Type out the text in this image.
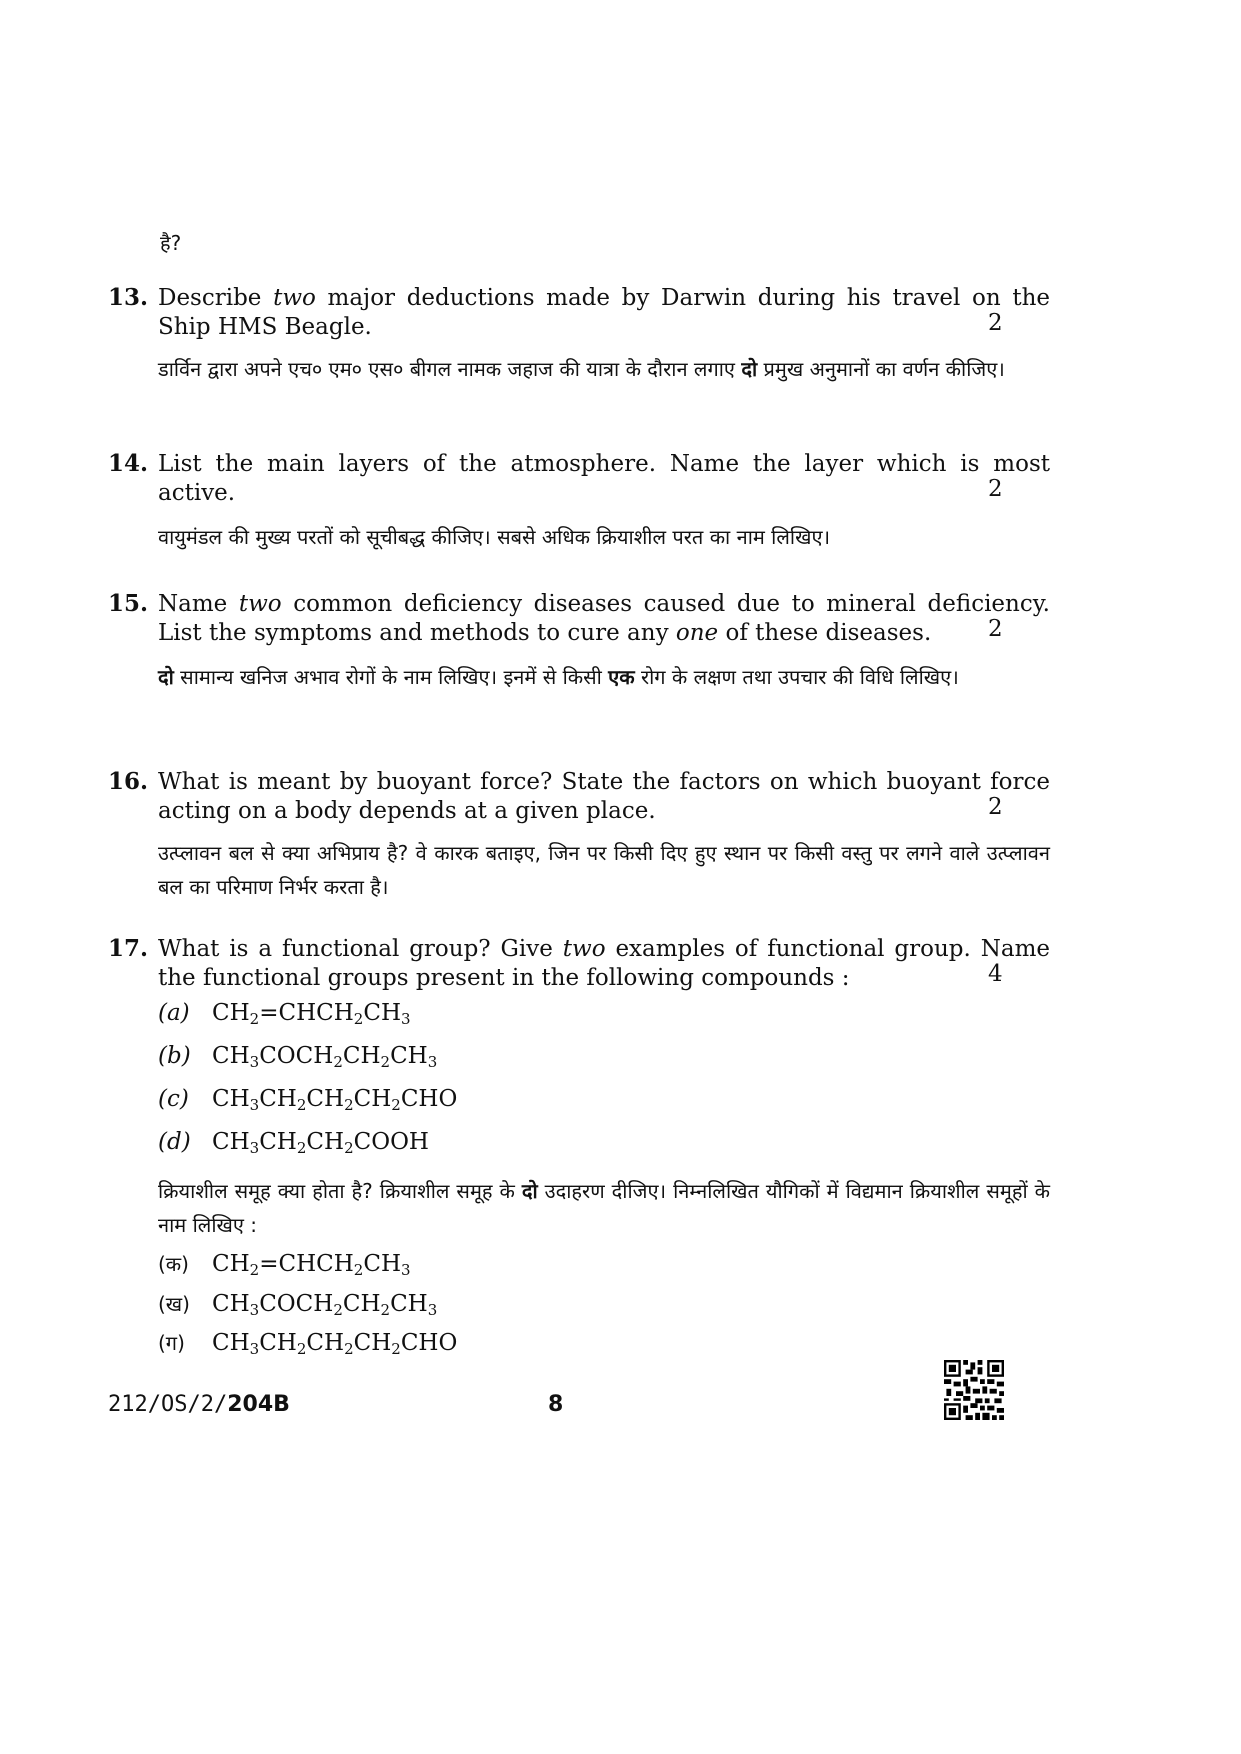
है?
13. Describe two major deductions made by Darwin during his travel on the Ship HMS Beagle.	2
डार्विन द्वारा अपने एच० एम० एस० बीगल नामक जहाज की यात्रा के दौरान लगाए दो प्रमुख अनुमानों का वर्णन कीजिए।
14. List the main layers of the atmosphere. Name the layer which is most active.	2
वायुमंडल की मुख्य परतों को सूचीबद्ध कीजिए। सबसे अधिक क्रियाशील परत का नाम लिखिए।
15. Name two common deficiency diseases caused due to mineral deficiency. List the symptoms and methods to cure any one of these diseases.	2
दो सामान्य खनिज अभाव रोगों के नाम लिखिए। इनमें से किसी एक रोग के लक्षण तथा उपचार की विधि लिखिए।
16. What is meant by buoyant force? State the factors on which buoyant force acting on a body depends at a given place.	2
उत्प्लावन बल से क्या अभिप्राय है? वे कारक बताइए, जिन पर किसी दिए हुए स्थान पर किसी वस्तु पर लगने वाले उत्प्लावन बल का परिमाण निर्भर करता है।
17. What is a functional group? Give two examples of functional group. Name the functional groups present in the following compounds :	4
(a) $CH_2=CHCH_2CH_3$
(b) $CH_3COCH_2CH_2CH_3$
(c) $CH_3CH_2CH_2CH_2CHO$
(d) $CH_3CH_2CH_2COOH$
क्रियाशील समूह क्या होता है? क्रियाशील समूह के दो उदाहरण दीजिए। निम्नलिखित यौगिकों में विद्यमान क्रियाशील समूहों के नाम लिखिए :
(क) $CH_2=CHCH_2CH_3$
(ख) $CH_3COCH_2CH_2CH_3$
(ग) $CH_3CH_2CH_2CH_2CHO$
212/OS/2/204B	8
